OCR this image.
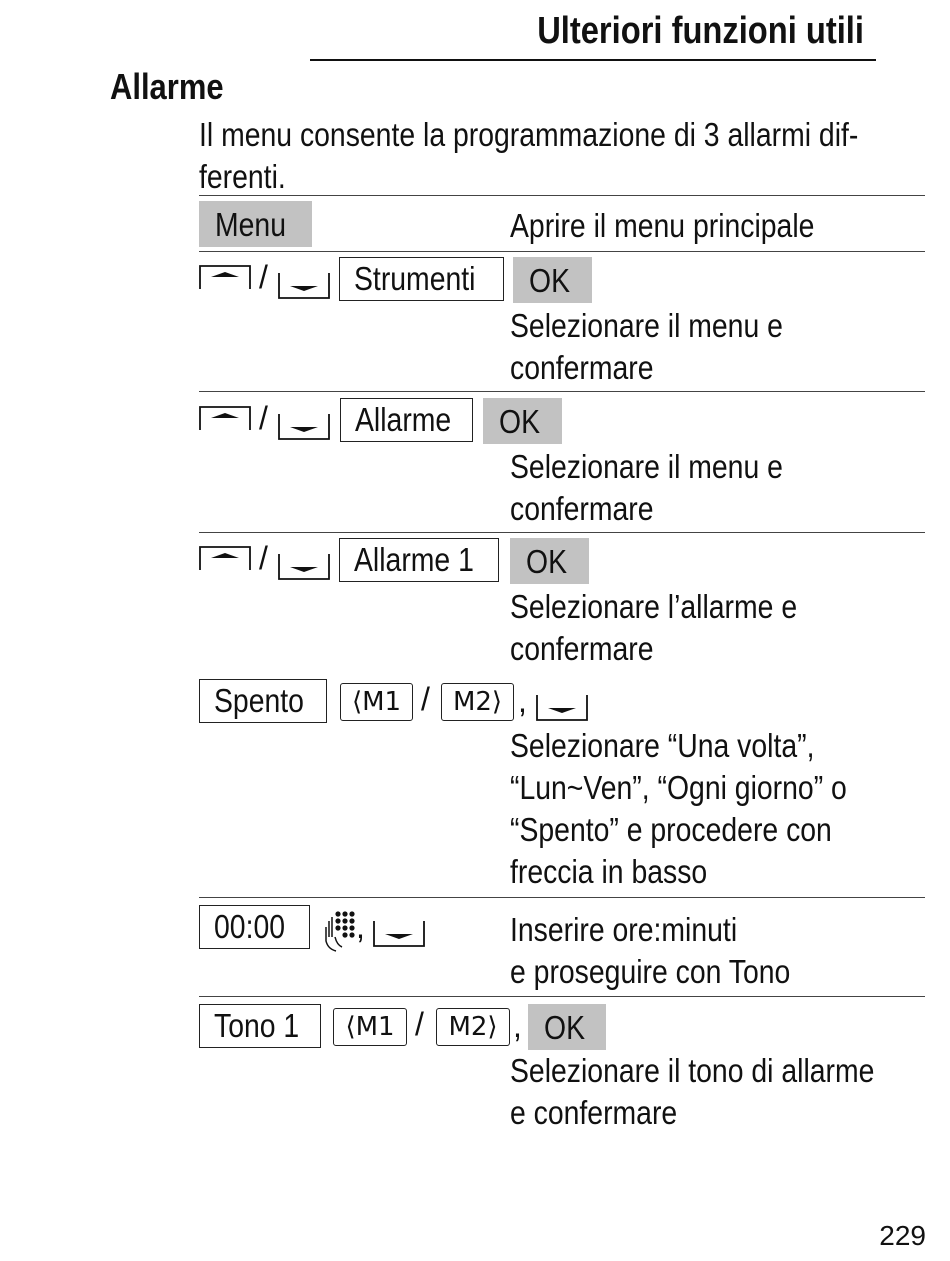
Ulteriori funzioni utili
Allarme
Il menu consente la programmazione di 3 allarmi dif-
ferenti.
Menu	Aprire il menu principale
/	Strumenti	OK
Selezionare il menu e
confermare
/	Allarme	OK
Selezionare il menu e
confermare
/	Allarme 1	OK
Selezionare l’allarme e
confermare
Spento	⟨M1 / M2⟩ ,
Selezionare “Una volta”,
“Lun~Ven”, “Ogni giorno” o
“Spento” e procedere con
freccia in basso
00:00	,	Inserire ore:minuti
e proseguire con Tono
Tono 1	⟨M1 / M2⟩ , OK
Selezionare il tono di allarme
e confermare
229
